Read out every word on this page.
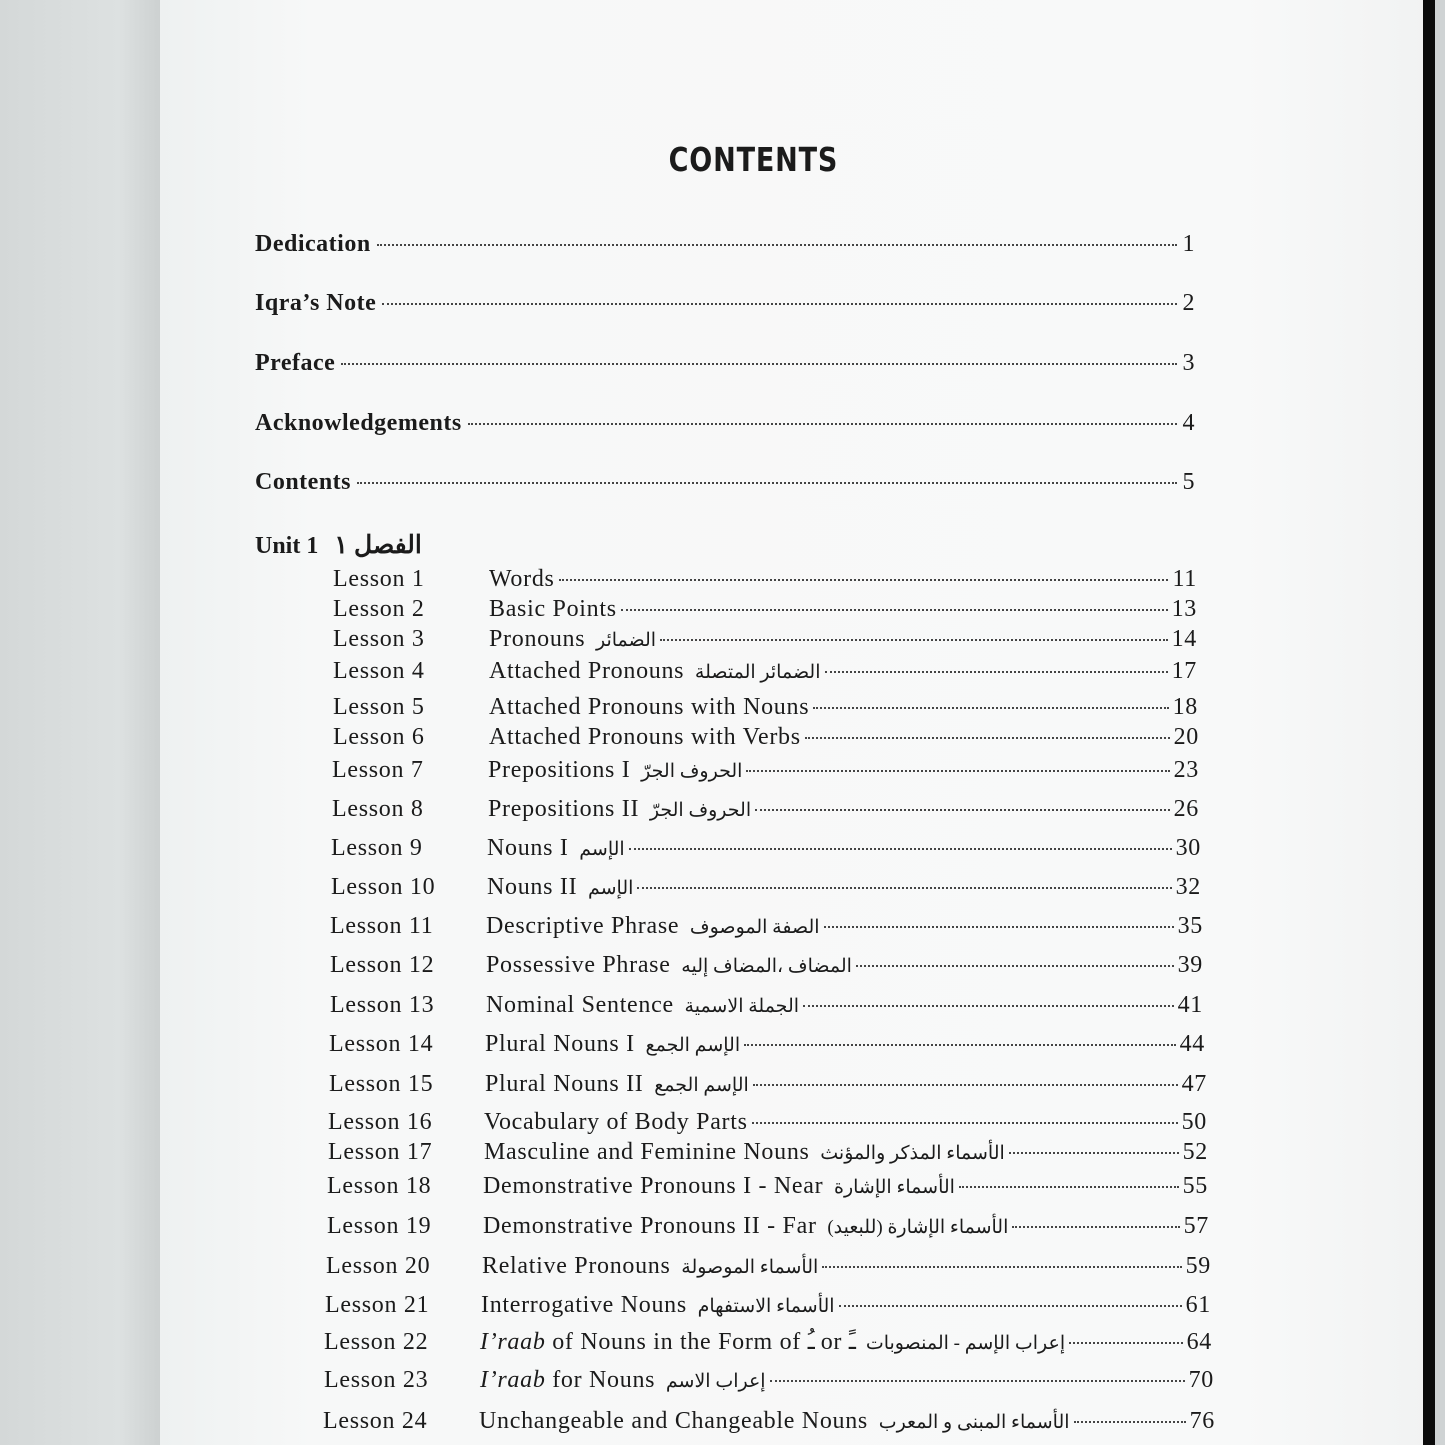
CONTENTS
Dedication	1
Iqra’s Note	2
Preface	3
Acknowledgements	4
Contents	5
Unit 1 الفصل ١
Lesson 1	Words	11
Lesson 2	Basic Points	13
Lesson 3	Pronouns الضمائر	14
Lesson 4	Attached Pronouns الضمائر المتصلة	17
Lesson 5	Attached Pronouns with Nouns	18
Lesson 6	Attached Pronouns with Verbs	20
Lesson 7	Prepositions I الحروف الجرّ	23
Lesson 8	Prepositions II الحروف الجرّ	26
Lesson 9	Nouns I الإسم	30
Lesson 10	Nouns II الإسم	32
Lesson 11	Descriptive Phrase الصفة الموصوف	35
Lesson 12	Possessive Phrase المضاف ،المضاف إليه	39
Lesson 13	Nominal Sentence الجملة الاسمية	41
Lesson 14	Plural Nouns I الإسم الجمع	44
Lesson 15	Plural Nouns II الإسم الجمع	47
Lesson 16	Vocabulary of Body Parts	50
Lesson 17	Masculine and Feminine Nouns الأسماء المذكر والمؤنث	52
Lesson 18	Demonstrative Pronouns I - Near الأسماء الإشارة	55
Lesson 19	Demonstrative Pronouns II - Far الأسماء الإشارة (للبعيد)	57
Lesson 20	Relative Pronouns الأسماء الموصولة	59
Lesson 21	Interrogative Nouns الأسماء الاستفهام	61
Lesson 22	I’raab of Nouns in the Form of ـُ or ـً إعراب الإسم - المنصوبات	64
Lesson 23	I’raab for Nouns إعراب الاسم	70
Lesson 24	Unchangeable and Changeable Nouns الأسماء المبنى و المعرب	76
